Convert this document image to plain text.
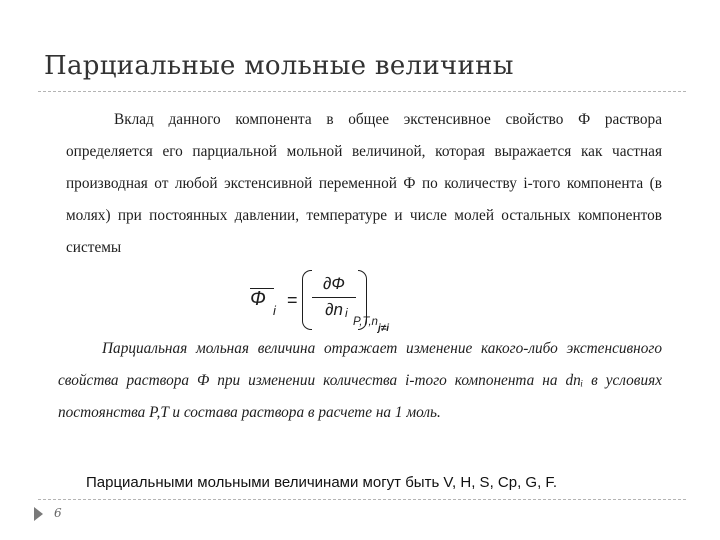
Парциальные мольные величины
Вклад данного компонента в общее экстенсивное свойство Ф раствора определяется его парциальной мольной величиной, которая выражается как частная производная от любой экстенсивной переменной Ф по количеству i-того компонента (в молях) при постоянных давлении, температуре и числе молей остальных компонентов системы
Ф
i
=
∂Ф
∂n i
P,T,nj≠i
Парциальная мольная величина отражает изменение какого-либо экстенсивного свойства раствора Ф при изменении количества i-того компонента на dnᵢ в условиях постоянства P,T и состава раствора в расчете на 1 моль.
Парциальными мольными величинами могут быть V, H, S, Cp, G, F.
6
